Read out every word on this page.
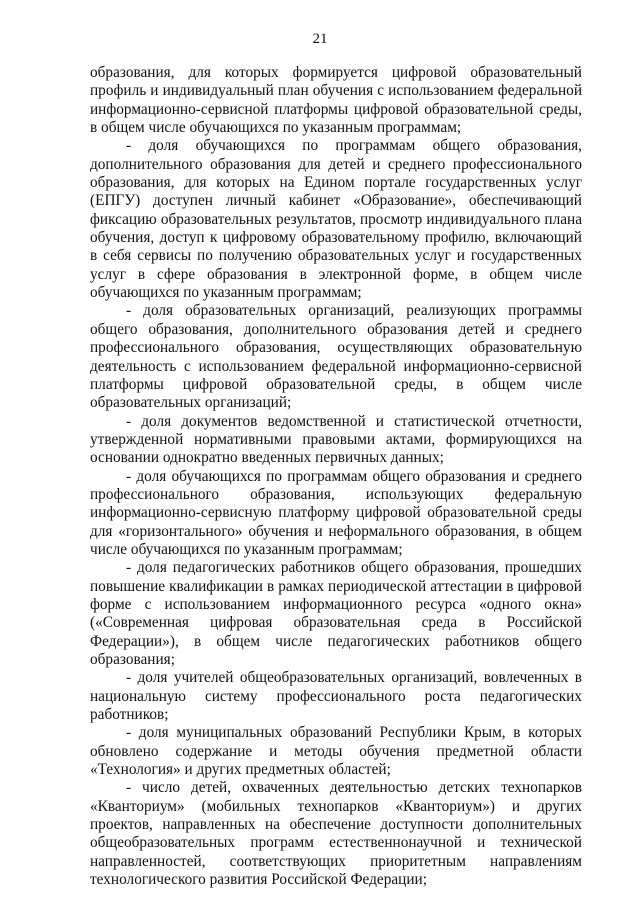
21

образования, для которых формируется цифровой образовательный профиль и индивидуальный план обучения с использованием федеральной информационно-сервисной платформы цифровой образовательной среды, в общем числе обучающихся по указанным программам;

- доля обучающихся по программам общего образования, дополнительного образования для детей и среднего профессионального образования, для которых на Едином портале государственных услуг (ЕПГУ) доступен личный кабинет «Образование», обеспечивающий фиксацию образовательных результатов, просмотр индивидуального плана обучения, доступ к цифровому образовательному профилю, включающий в себя сервисы по получению образовательных услуг и государственных услуг в сфере образования в электронной форме, в общем числе обучающихся по указанным программам;

- доля образовательных организаций, реализующих программы общего образования, дополнительного образования детей и среднего профессионального образования, осуществляющих образовательную деятельность с использованием федеральной информационно-сервисной платформы цифровой образовательной среды, в общем числе образовательных организаций;

- доля документов ведомственной и статистической отчетности, утвержденной нормативными правовыми актами, формирующихся на основании однократно введенных первичных данных;

- доля обучающихся по программам общего образования и среднего профессионального образования, использующих федеральную информационно-сервисную платформу цифровой образовательной среды для «горизонтального» обучения и неформального образования, в общем числе обучающихся по указанным программам;

- доля педагогических работников общего образования, прошедших повышение квалификации в рамках периодической аттестации в цифровой форме с использованием информационного ресурса «одного окна» («Современная цифровая образовательная среда в Российской Федерации»), в общем числе педагогических работников общего образования;

- доля учителей общеобразовательных организаций, вовлеченных в национальную систему профессионального роста педагогических работников;

- доля муниципальных образований Республики Крым, в которых обновлено содержание и методы обучения предметной области «Технология» и других предметных областей;

- число детей, охваченных деятельностью детских технопарков «Кванториум» (мобильных технопарков «Кванториум») и других проектов, направленных на обеспечение доступности дополнительных общеобразовательных программ естественнонаучной и технической направленностей, соответствующих приоритетным направлениям технологического развития Российской Федерации;
